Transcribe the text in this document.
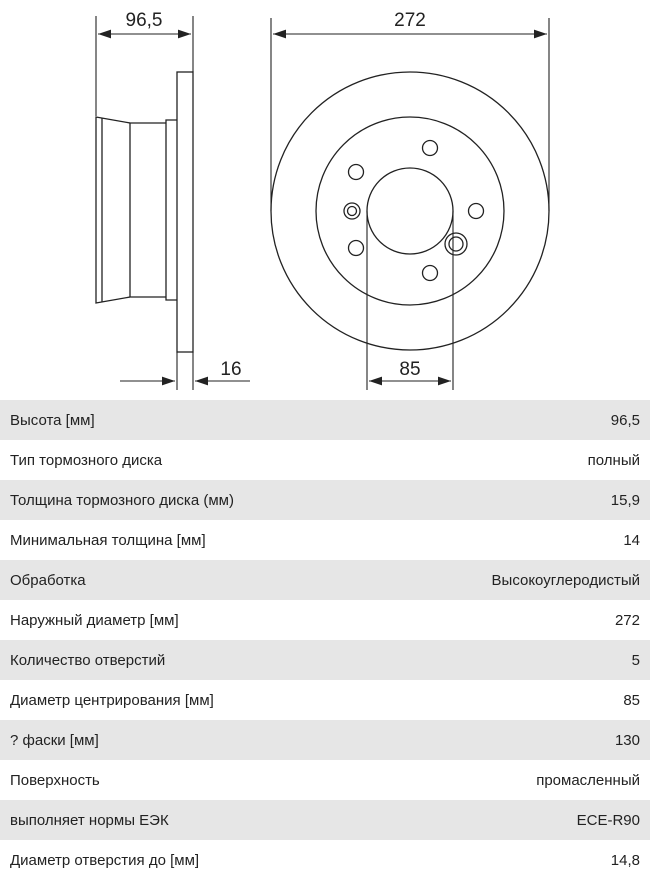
96,5
16
272
85
Высота [мм]	96,5
Тип тормозного диска	полный
Толщина тормозного диска (мм)	15,9
Минимальная толщина [мм]	14
Обработка	Высокоуглеродистый
Наружный диаметр [мм]	272
Количество отверстий	5
Диаметр центрирования [мм]	85
? фаски [мм]	130
Поверхность	промасленный
выполняет нормы ЕЭК	ECE-R90
Диаметр отверстия до [мм]	14,8
